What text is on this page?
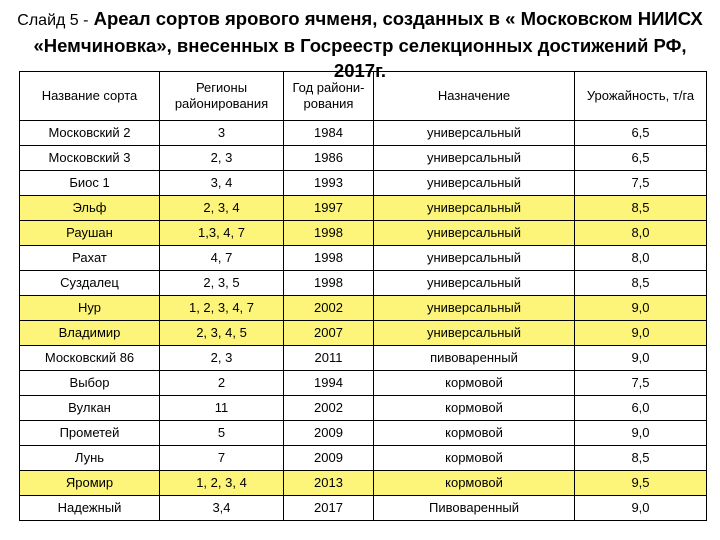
Слайд 5 - Ареал сортов ярового ячменя, созданных в « Московском НИИСХ «Немчиновка», внесенных в Госреестр селекционных достижений РФ, 2017г.
Название сорта	Регионы районирования	Год райони-рования	Назначение	Урожайность, т/га
Московский 2	3	1984	универсальный	6,5
Московский 3	2, 3	1986	универсальный	6,5
Биос 1	3, 4	1993	универсальный	7,5
Эльф	2, 3, 4	1997	универсальный	8,5
Раушан	1,3, 4, 7	1998	универсальный	8,0
Рахат	4, 7	1998	универсальный	8,0
Суздалец	2, 3, 5	1998	универсальный	8,5
Нур	1, 2, 3, 4, 7	2002	универсальный	9,0
Владимир	2, 3, 4, 5	2007	универсальный	9,0
Московский 86	2, 3	2011	пивоваренный	9,0
Выбор	2	1994	кормовой	7,5
Вулкан	11	2002	кормовой	6,0
Прометей	5	2009	кормовой	9,0
Лунь	7	2009	кормовой	8,5
Яромир	1, 2, 3, 4	2013	кормовой	9,5
Надежный	3,4	2017	Пивоваренный	9,0
